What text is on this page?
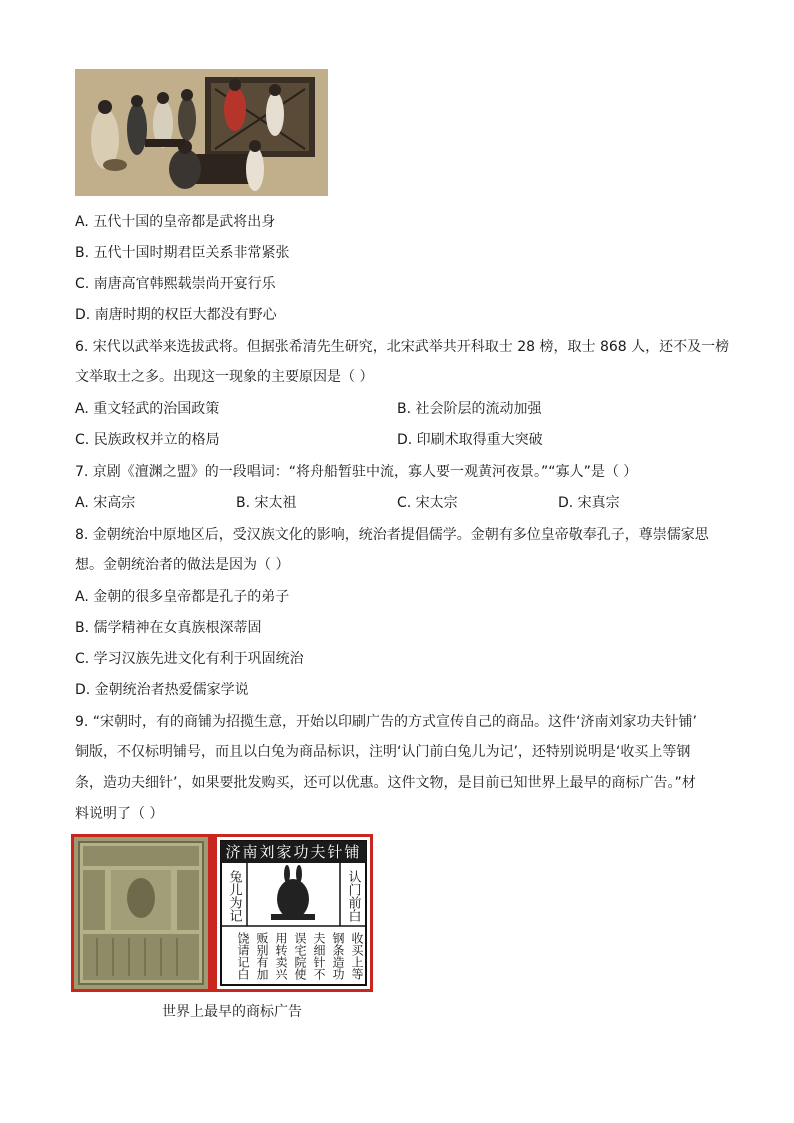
A. 五代十国的皇帝都是武将出身
B. 五代十国时期君臣关系非常紧张
C. 南唐高官韩熙载崇尚开宴行乐
D. 南唐时期的权臣大都没有野心
6. 宋代以武举来选拔武将。但据张希清先生研究，北宋武举共开科取士 28 榜，取士 868 人，还不及一榜
文举取士之多。出现这一现象的主要原因是（ ）
A. 重文轻武的治国政策	B. 社会阶层的流动加强
C. 民族政权并立的格局	D. 印刷术取得重大突破
7. 京剧《澶渊之盟》的一段唱词：“将舟船暂驻中流，寡人要一观黄河夜景。”“寡人”是（ ）
A. 宋高宗	B. 宋太祖	C. 宋太宗	D. 宋真宗
8. 金朝统治中原地区后，受汉族文化的影响，统治者提倡儒学。金朝有多位皇帝敬奉孔子，尊崇儒家思
想。金朝统治者的做法是因为（ ）
A. 金朝的很多皇帝都是孔子的弟子
B. 儒学精神在女真族根深蒂固
C. 学习汉族先进文化有利于巩固统治
D. 金朝统治者热爱儒家学说
9. “宋朝时，有的商铺为招揽生意，开始以印刷广告的方式宣传自己的商品。这件‘济南刘家功夫针铺’
铜版，不仅标明铺号，而且以白兔为商品标识，注明‘认门前白兔儿为记’，还特别说明是‘收买上等钢
条，造功夫细针’，如果要批发购买，还可以优惠。这件文物，是目前已知世界上最早的商标广告。”材
料说明了（ ）
济南刘家功夫针铺
兔儿为记	认门前白
收买上等
钢条造功
夫细针不
误宅院使
用转卖兴
贩别有加
饶请记白
世界上最早的商标广告
